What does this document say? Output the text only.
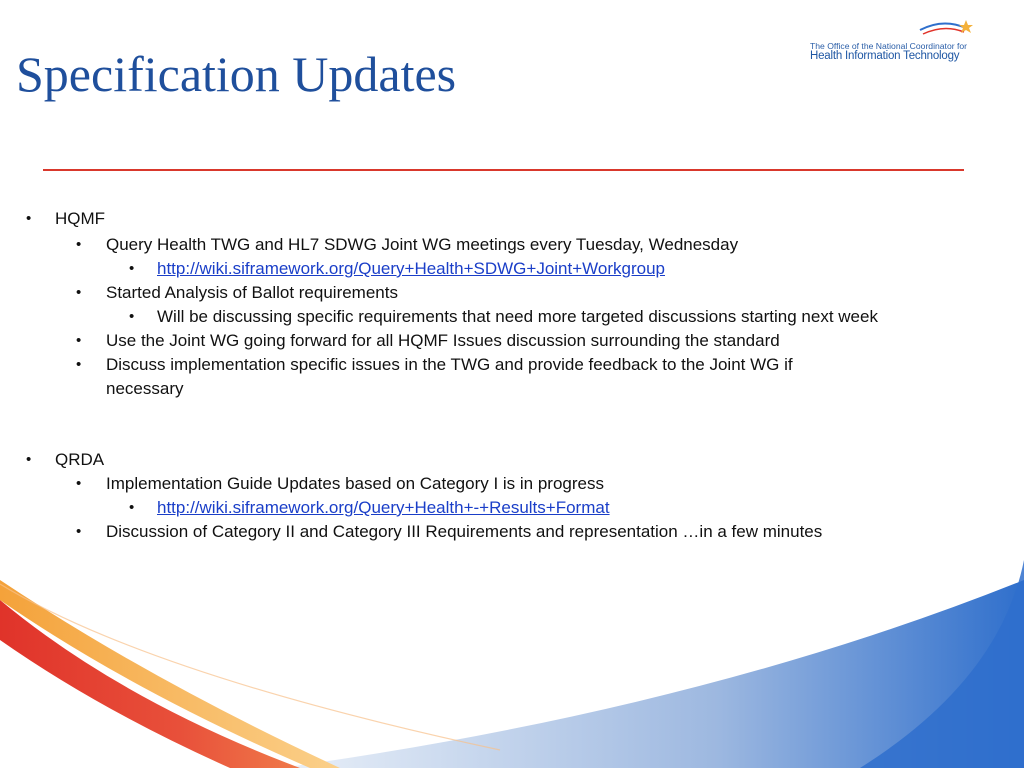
Specification Updates	The Office of the National Coordinator for
Health Information Technology
• HQMF
• Query Health TWG and HL7 SDWG Joint WG meetings every Tuesday, Wednesday
• http://wiki.siframework.org/Query+Health+SDWG+Joint+Workgroup
• Started Analysis of Ballot requirements
• Will be discussing specific requirements that need more targeted discussions starting next week
• Use the Joint WG going forward for all HQMF Issues discussion surrounding the standard
• Discuss implementation specific issues in the TWG and provide feedback to the Joint WG if
necessary
• QRDA
• Implementation Guide Updates based on Category I is in progress
• http://wiki.siframework.org/Query+Health+-+Results+Format
• Discussion of Category II and Category III Requirements and representation …in a few minutes
